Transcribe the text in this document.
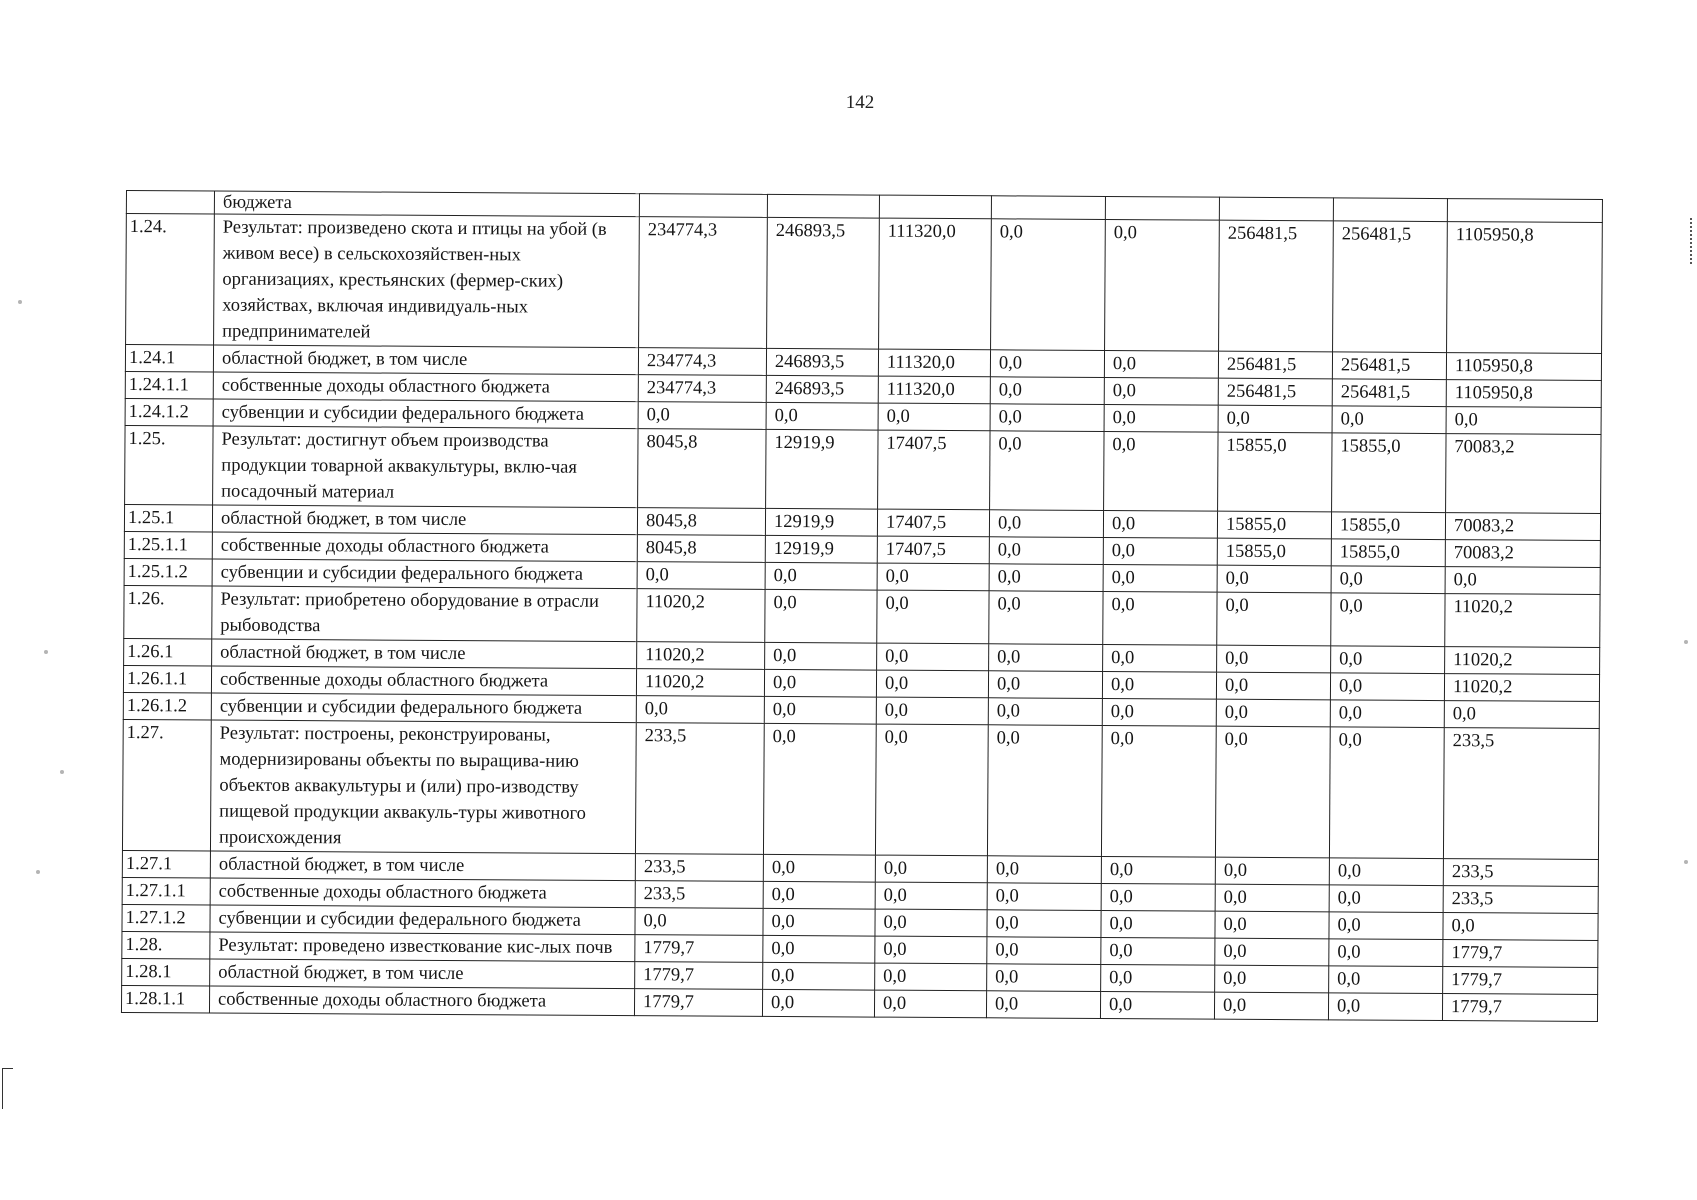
142
	бюджета								
1.24.	Результат: произведено скота и птицы на убой (в живом весе) в сельскохозяйствен-ных организациях, крестьянских (фермер-ских) хозяйствах, включая индивидуаль-ных предпринимателей	234774,3	246893,5	111320,0	0,0	0,0	256481,5	256481,5	1105950,8
1.24.1	областной бюджет, в том числе	234774,3	246893,5	111320,0	0,0	0,0	256481,5	256481,5	1105950,8
1.24.1.1	собственные доходы областного бюджета	234774,3	246893,5	111320,0	0,0	0,0	256481,5	256481,5	1105950,8
1.24.1.2	субвенции и субсидии федерального бюджета	0,0	0,0	0,0	0,0	0,0	0,0	0,0	0,0
1.25.	Результат: достигнут объем производства продукции товарной аквакультуры, вклю-чая посадочный материал	8045,8	12919,9	17407,5	0,0	0,0	15855,0	15855,0	70083,2
1.25.1	областной бюджет, в том числе	8045,8	12919,9	17407,5	0,0	0,0	15855,0	15855,0	70083,2
1.25.1.1	собственные доходы областного бюджета	8045,8	12919,9	17407,5	0,0	0,0	15855,0	15855,0	70083,2
1.25.1.2	субвенции и субсидии федерального бюджета	0,0	0,0	0,0	0,0	0,0	0,0	0,0	0,0
1.26.	Результат: приобретено оборудование в отрасли рыбоводства	11020,2	0,0	0,0	0,0	0,0	0,0	0,0	11020,2
1.26.1	областной бюджет, в том числе	11020,2	0,0	0,0	0,0	0,0	0,0	0,0	11020,2
1.26.1.1	собственные доходы областного бюджета	11020,2	0,0	0,0	0,0	0,0	0,0	0,0	11020,2
1.26.1.2	субвенции и субсидии федерального бюджета	0,0	0,0	0,0	0,0	0,0	0,0	0,0	0,0
1.27.	Результат: построены, реконструированы, модернизированы объекты по выращива-нию объектов аквакультуры и (или) про-изводству пищевой продукции аквакуль-туры животного происхождения	233,5	0,0	0,0	0,0	0,0	0,0	0,0	233,5
1.27.1	областной бюджет, в том числе	233,5	0,0	0,0	0,0	0,0	0,0	0,0	233,5
1.27.1.1	собственные доходы областного бюджета	233,5	0,0	0,0	0,0	0,0	0,0	0,0	233,5
1.27.1.2	субвенции и субсидии федерального бюджета	0,0	0,0	0,0	0,0	0,0	0,0	0,0	0,0
1.28.	Результат: проведено известкование кис-лых почв	1779,7	0,0	0,0	0,0	0,0	0,0	0,0	1779,7
1.28.1	областной бюджет, в том числе	1779,7	0,0	0,0	0,0	0,0	0,0	0,0	1779,7
1.28.1.1	собственные доходы областного бюджета	1779,7	0,0	0,0	0,0	0,0	0,0	0,0	1779,7
